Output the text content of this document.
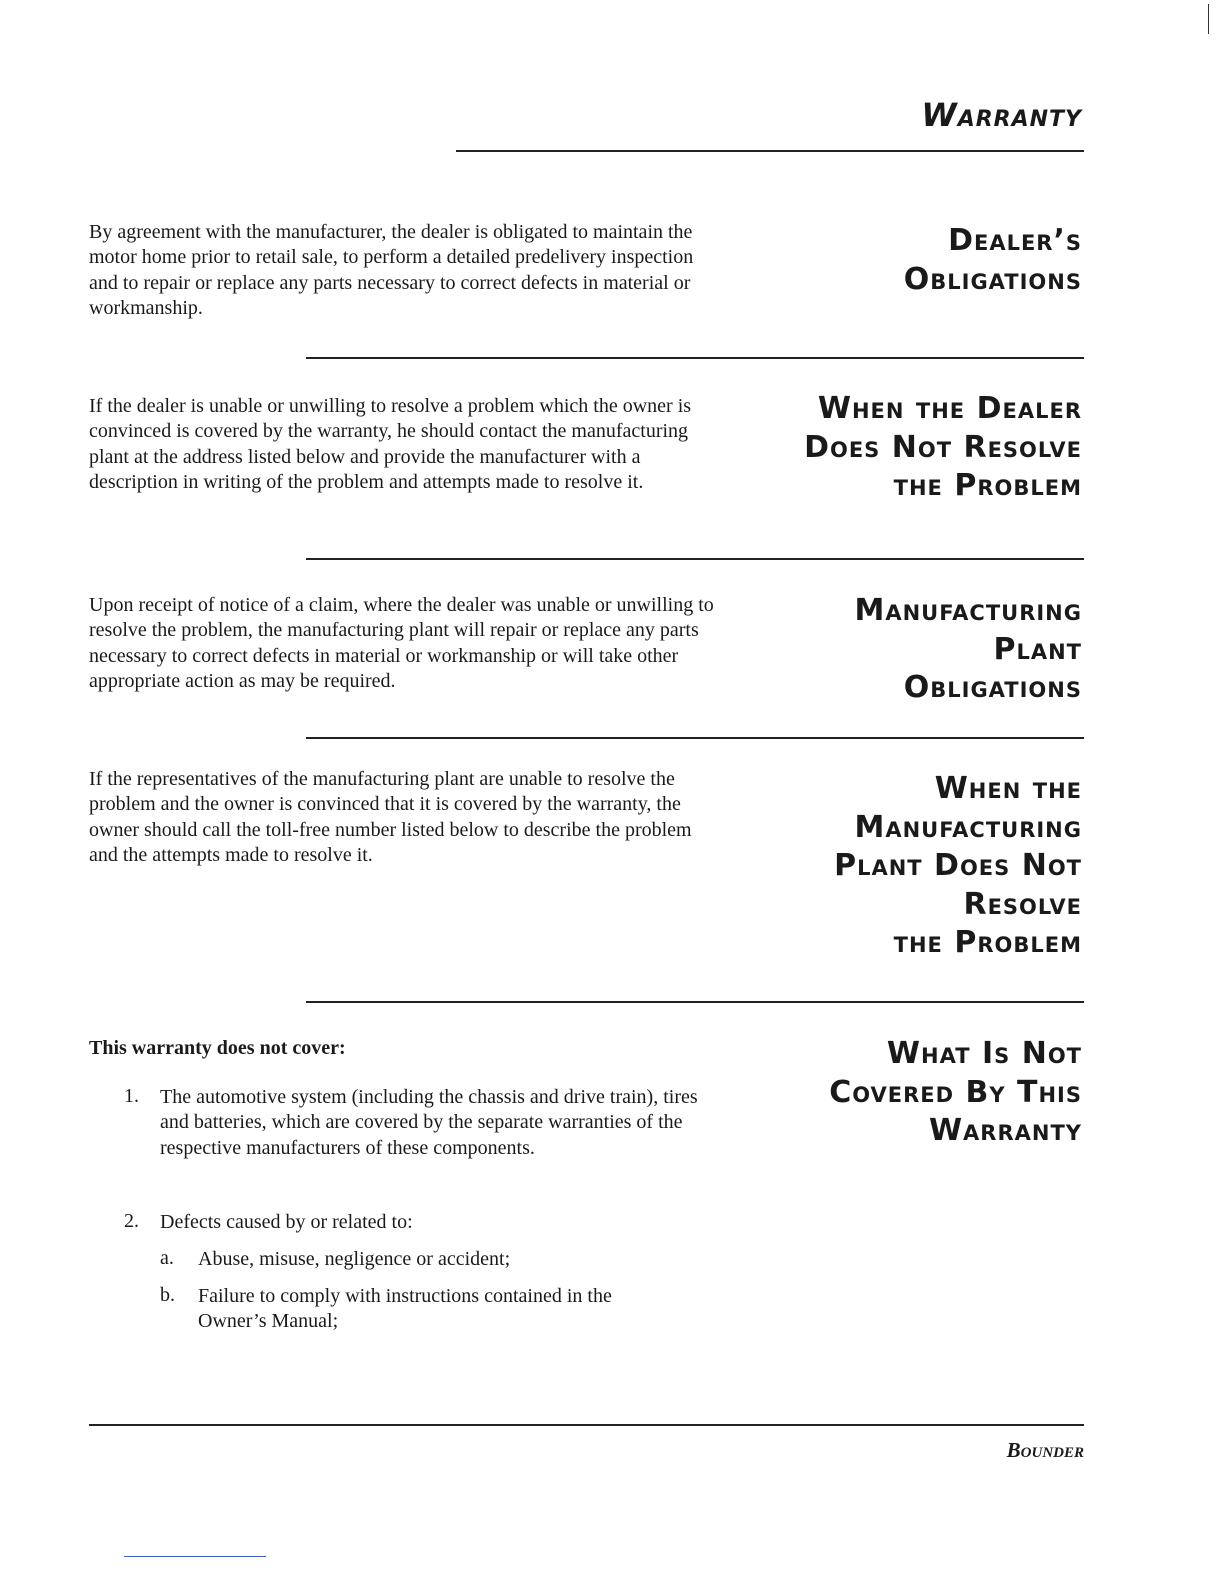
Warranty

By agreement with the manufacturer, the dealer is obligated to maintain the motor home prior to retail sale, to perform a detailed predelivery inspection and to repair or replace any parts necessary to correct defects in material or workmanship.

Dealer’s
Obligations

If the dealer is unable or unwilling to resolve a problem which the owner is convinced is covered by the warranty, he should contact the manufacturing plant at the address listed below and provide the manufacturer with a description in writing of the problem and attempts made to resolve it.

When the Dealer
Does Not Resolve
the Problem

Upon receipt of notice of a claim, where the dealer was unable or unwilling to resolve the problem, the manufacturing plant will repair or replace any parts necessary to correct defects in material or workmanship or will take other appropriate action as may be required.

Manufacturing
Plant
Obligations

If the representatives of the manufacturing plant are unable to resolve the problem and the owner is convinced that it is covered by the warranty, the owner should call the toll-free number listed below to describe the problem and the attempts made to resolve it.

When the
Manufacturing
Plant Does Not
Resolve
the Problem
This warranty does not cover:	What Is Not
Covered By This
Warranty
1. The automotive system (including the chassis and drive train), tires and batteries, which are covered by the separate warranties of the respective manufacturers of these components.
2. Defects caused by or related to:
a. Abuse, misuse, negligence or accident;
b. Failure to comply with instructions contained in the Owner’s Manual;
Bounder
